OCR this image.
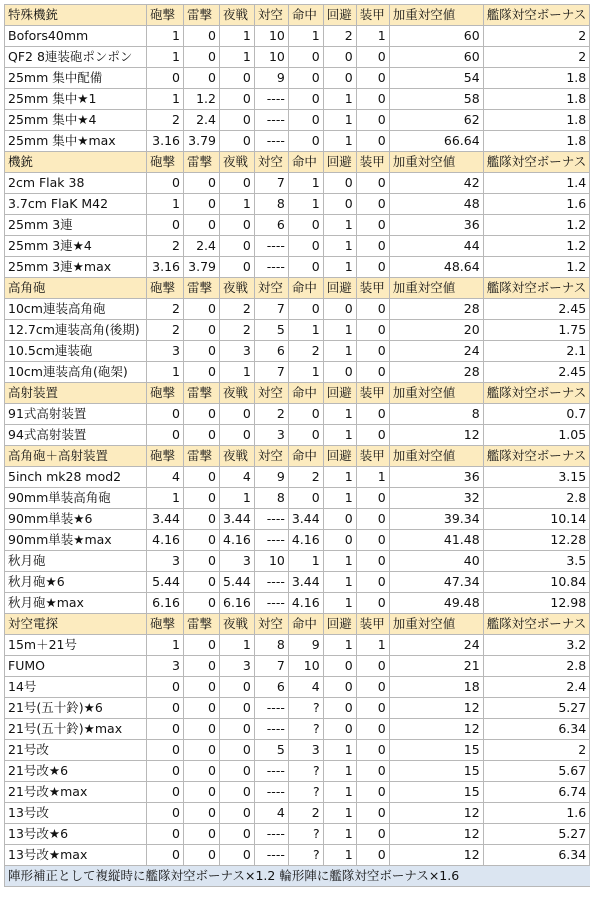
特殊機銃	砲撃	雷撃	夜戦	対空	命中	回避	装甲	加重対空値	艦隊対空ボーナス
Bofors40mm	1	0	1	10	1	2	1	60	2
QF2 8連装砲ポンポン	1	0	1	10	0	0	0	60	2
25mm 集中配備	0	0	0	9	0	0	0	54	1.8
25mm 集中★1	1	1.2	0	----	0	1	0	58	1.8
25mm 集中★4	2	2.4	0	----	0	1	0	62	1.8
25mm 集中★max	3.16	3.79	0	----	0	1	0	66.64	1.8
機銃	砲撃	雷撃	夜戦	対空	命中	回避	装甲	加重対空値	艦隊対空ボーナス
2cm Flak 38	0	0	0	7	1	0	0	42	1.4
3.7cm FlaK M42	1	0	1	8	1	0	0	48	1.6
25mm 3連	0	0	0	6	0	1	0	36	1.2
25mm 3連★4	2	2.4	0	----	0	1	0	44	1.2
25mm 3連★max	3.16	3.79	0	----	0	1	0	48.64	1.2
高角砲	砲撃	雷撃	夜戦	対空	命中	回避	装甲	加重対空値	艦隊対空ボーナス
10cm連装高角砲	2	0	2	7	0	0	0	28	2.45
12.7cm連装高角(後期)	2	0	2	5	1	1	0	20	1.75
10.5cm連装砲	3	0	3	6	2	1	0	24	2.1
10cm連装高角(砲架)	1	0	1	7	1	0	0	28	2.45
高射装置	砲撃	雷撃	夜戦	対空	命中	回避	装甲	加重対空値	艦隊対空ボーナス
91式高射装置	0	0	0	2	0	1	0	8	0.7
94式高射装置	0	0	0	3	0	1	0	12	1.05
高角砲＋高射装置	砲撃	雷撃	夜戦	対空	命中	回避	装甲	加重対空値	艦隊対空ボーナス
5inch mk28 mod2	4	0	4	9	2	1	1	36	3.15
90mm単装高角砲	1	0	1	8	0	1	0	32	2.8
90mm単装★6	3.44	0	3.44	----	3.44	0	0	39.34	10.14
90mm単装★max	4.16	0	4.16	----	4.16	0	0	41.48	12.28
秋月砲	3	0	3	10	1	1	0	40	3.5
秋月砲★6	5.44	0	5.44	----	3.44	1	0	47.34	10.84
秋月砲★max	6.16	0	6.16	----	4.16	1	0	49.48	12.98
対空電探	砲撃	雷撃	夜戦	対空	命中	回避	装甲	加重対空値	艦隊対空ボーナス
15m＋21号	1	0	1	8	9	1	1	24	3.2
FUMO	3	0	3	7	10	0	0	21	2.8
14号	0	0	0	6	4	0	0	18	2.4
21号(五十鈴)★6	0	0	0	----	?	0	0	12	5.27
21号(五十鈴)★max	0	0	0	----	?	0	0	12	6.34
21号改	0	0	0	5	3	1	0	15	2
21号改★6	0	0	0	----	?	1	0	15	5.67
21号改★max	0	0	0	----	?	1	0	15	6.74
13号改	0	0	0	4	2	1	0	12	1.6
13号改★6	0	0	0	----	?	1	0	12	5.27
13号改★max	0	0	0	----	?	1	0	12	6.34
陣形補正として複縦時に艦隊対空ボーナス×1.2 輪形陣に艦隊対空ボーナス×1.6									
